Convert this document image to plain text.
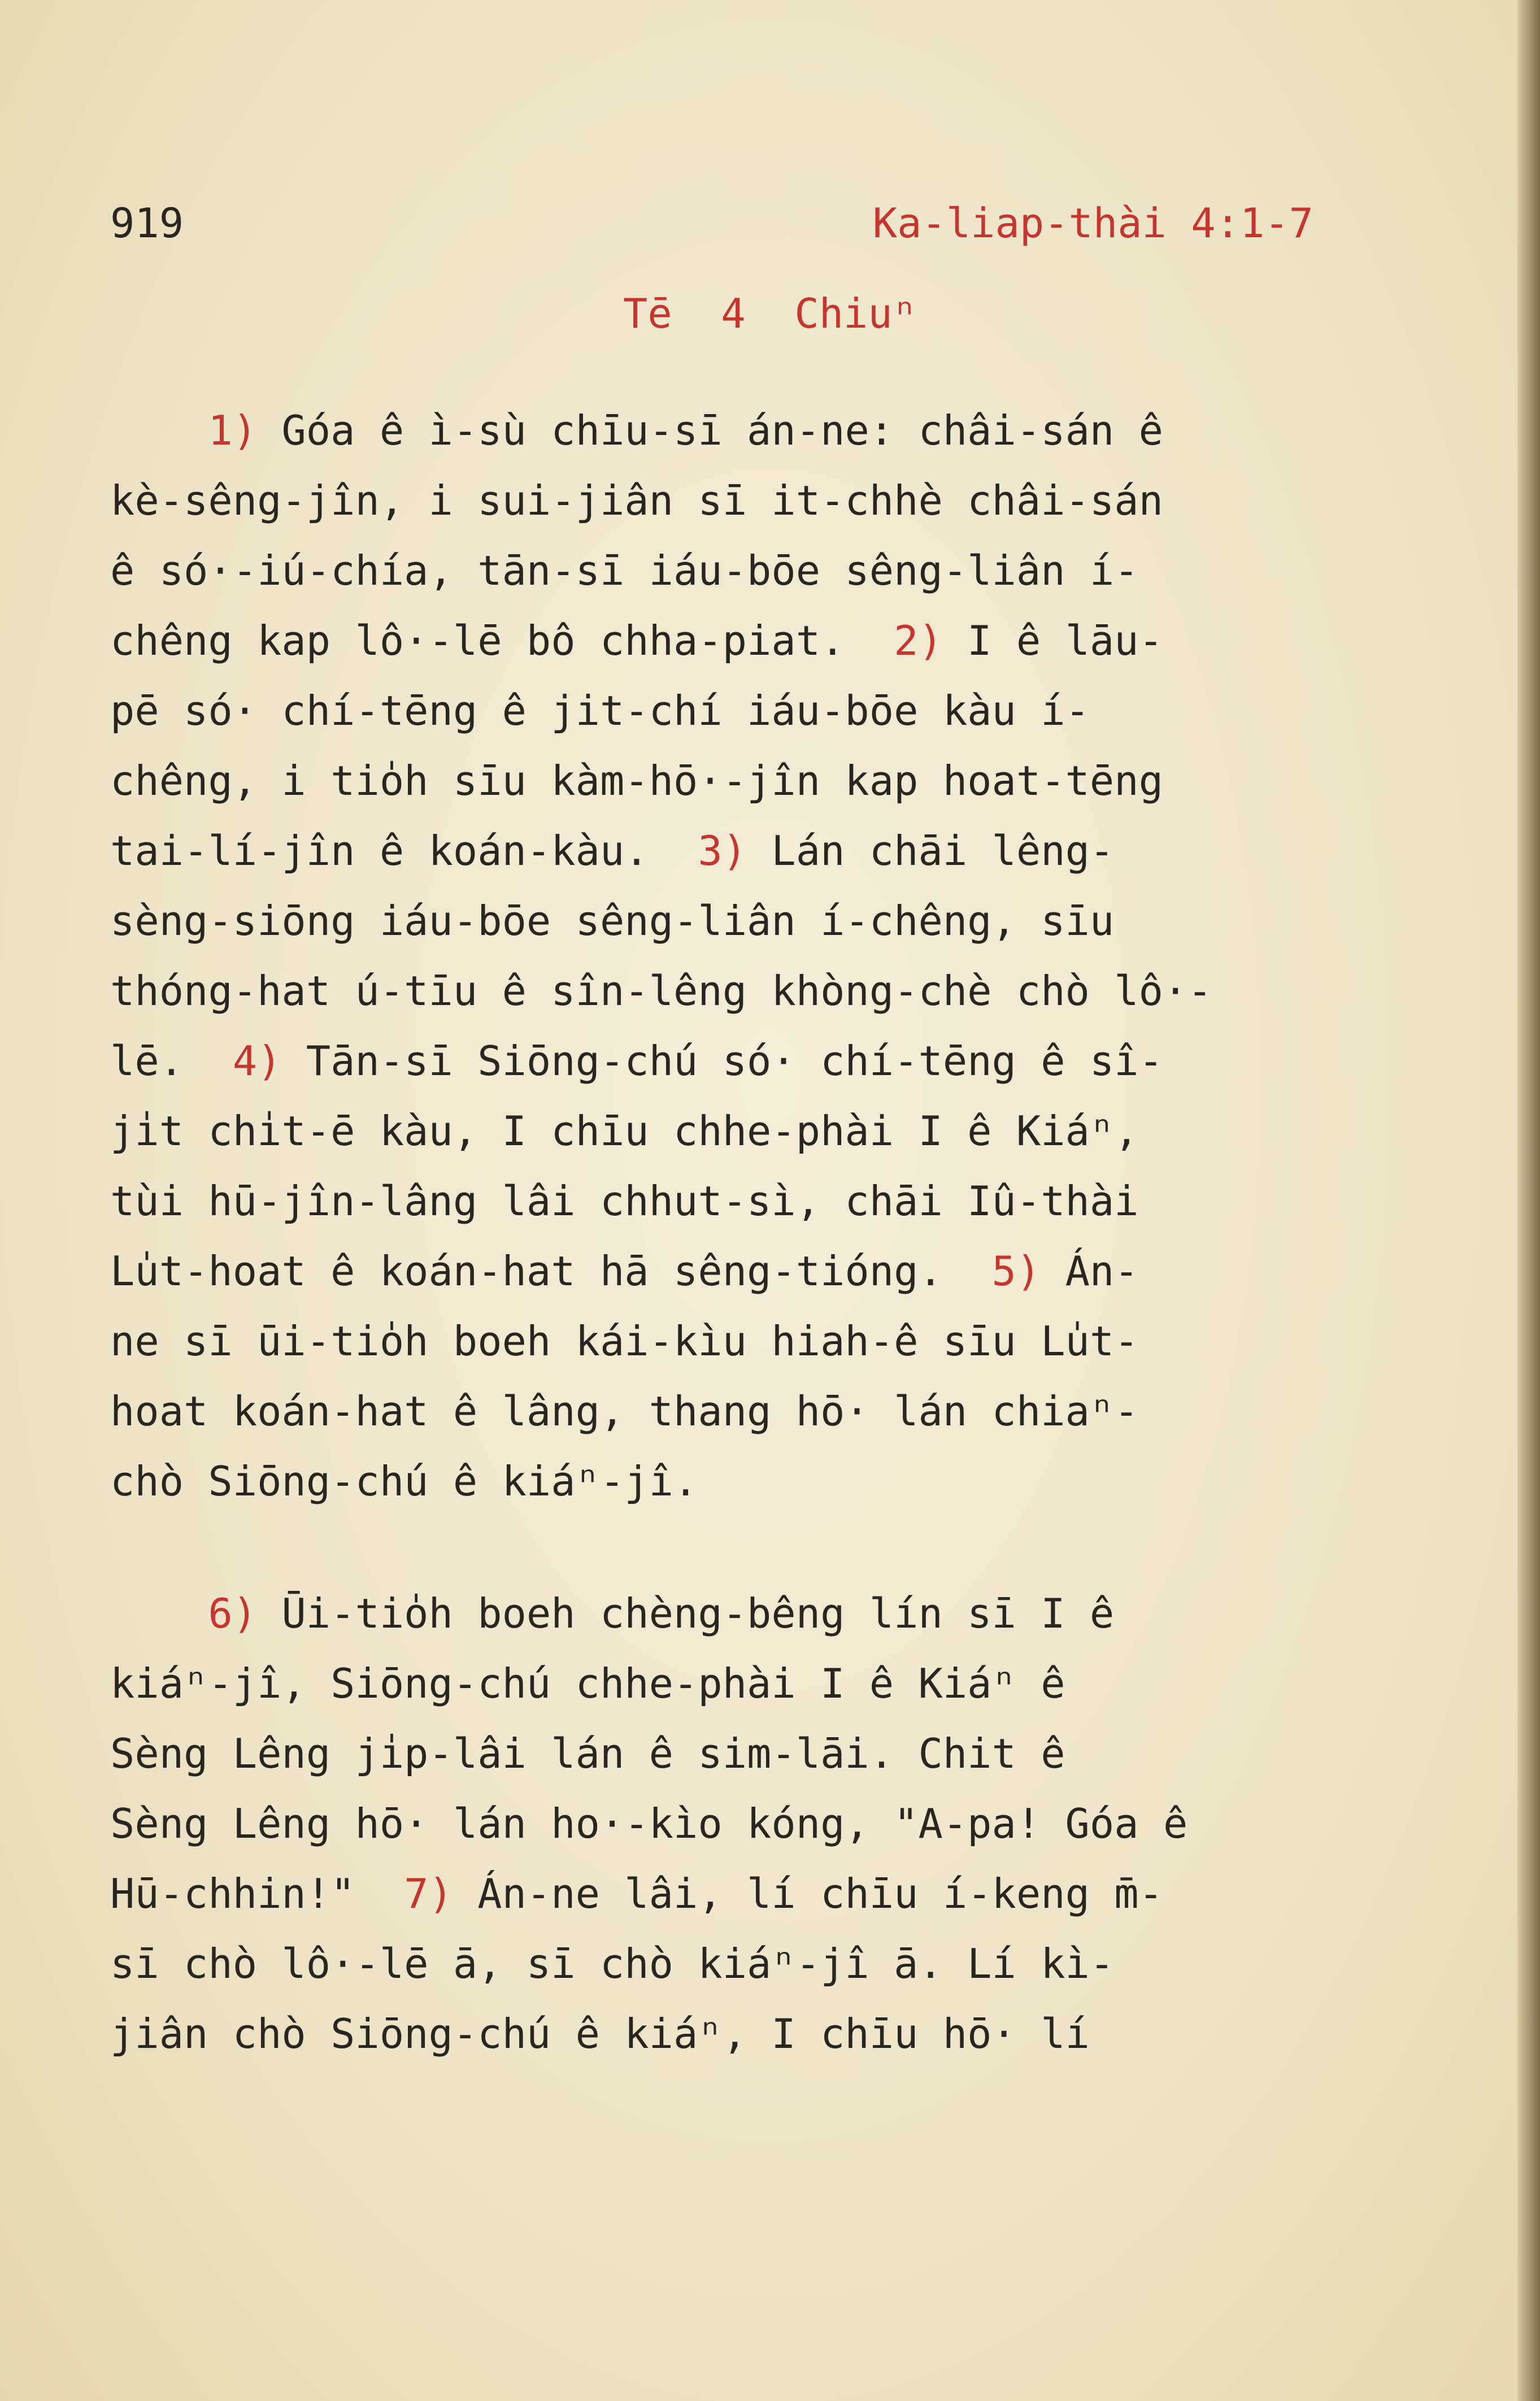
919	Ka-liap-thài 4:1-7
Tē  4  Chiuⁿ
1) Góa ê ì-sù chīu-sī án-ne: châi-sán ê
kè-sêng-jîn, i sui-jiân sī it-chhè châi-sán
ê só·-iú-chía, tān-sī iáu-bōe sêng-liân í-
chêng kap lô·-lē bô chha-piat.  2) I ê lāu-
pē só· chí-tēng ê jit-chí iáu-bōe kàu í-
chêng, i tio̍h sīu kàm-hō·-jîn kap hoat-tēng
tai-lí-jîn ê koán-kàu.  3) Lán chāi lêng-
sèng-siōng iáu-bōe sêng-liân í-chêng, sīu
thóng-hat ú-tīu ê sîn-lêng khòng-chè chò lô·-
lē.  4) Tān-sī Siōng-chú só· chí-tēng ê sî-
ji̍t chi̍t-ē kàu, I chīu chhe-phài I ê Kiáⁿ,
tùi hū-jîn-lâng lâi chhut-sì, chāi Iû-thài
Lu̍t-hoat ê koán-hat hā sêng-tióng.  5) Án-
ne sī ūi-tio̍h boeh kái-kìu hiah-ê sīu Lu̍t-
hoat koán-hat ê lâng, thang hō· lán chiaⁿ-
chò Siōng-chú ê kiáⁿ-jî.
6) Ūi-tio̍h boeh chèng-bêng lín sī I ê
kiáⁿ-jî, Siōng-chú chhe-phài I ê Kiáⁿ ê
Sèng Lêng ji̍p-lâi lán ê sim-lāi. Chit ê
Sèng Lêng hō· lán ho·-kìo kóng, "A-pa! Góa ê
Hū-chhin!"  7) Án-ne lâi, lí chīu í-keng m̄-
sī chò lô·-lē ā, sī chò kiáⁿ-jî ā. Lí kì-
jiân chò Siōng-chú ê kiáⁿ, I chīu hō· lí
